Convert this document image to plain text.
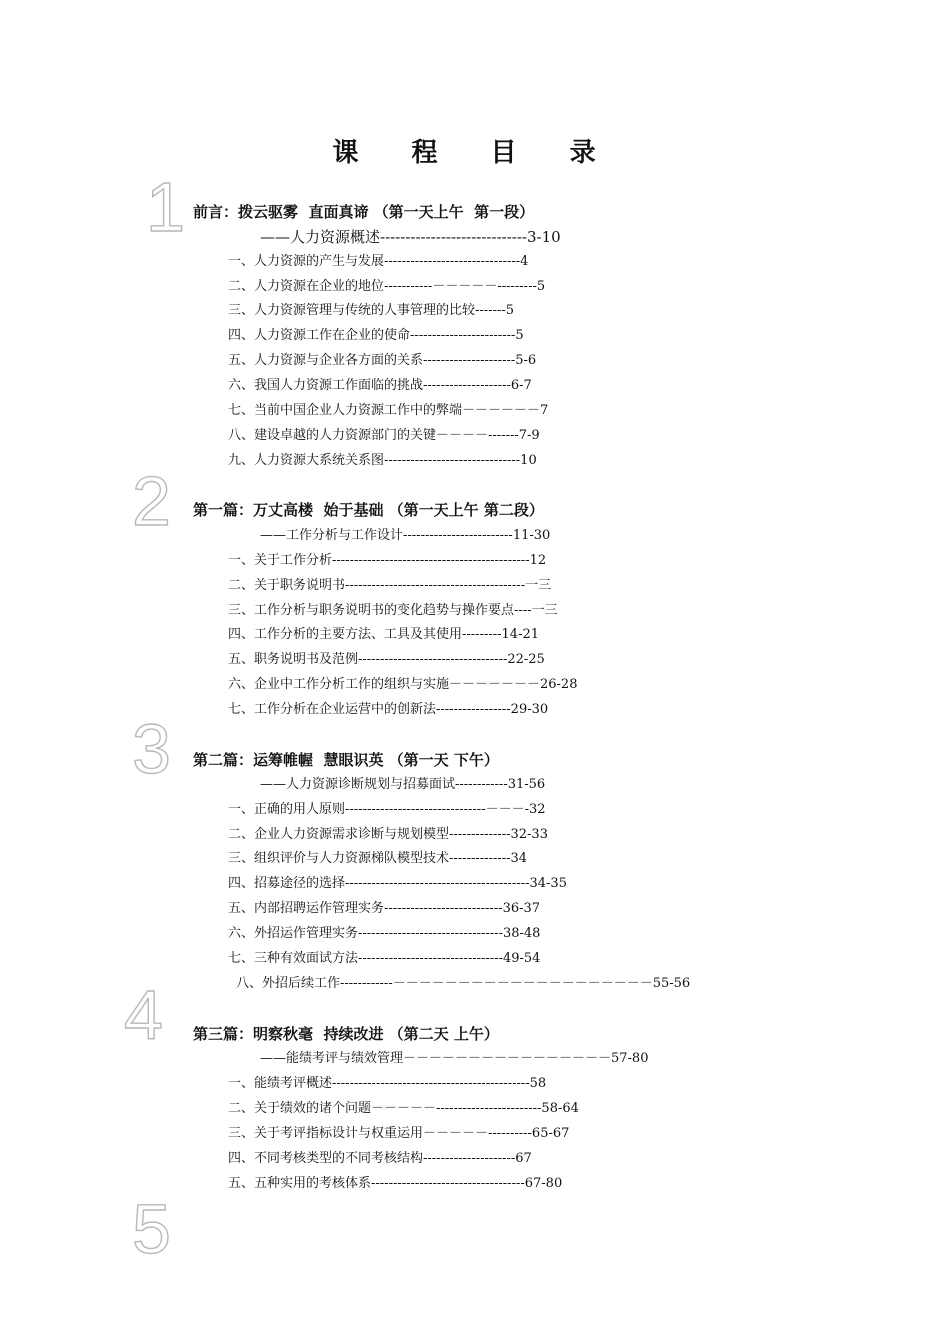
课 程 目 录
1 前言：拨云驱雾  直面真谛 （第一天上午  第一段）
——人力资源概述-----------------------------3-10
一、人力资源的产生与发展-------------------------------4
二、人力资源在企业的地位-----------－－－－－---------5
三、人力资源管理与传统的人事管理的比较-------5
四、人力资源工作在企业的使命------------------------5
五、人力资源与企业各方面的关系---------------------5-6
六、我国人力资源工作面临的挑战--------------------6-7
七、当前中国企业人力资源工作中的弊端－－－－－－7
八、建设卓越的人力资源部门的关键－－－－-------7-9
九、人力资源大系统关系图-------------------------------10
2 第一篇：万丈高楼  始于基础 （第一天上午 第二段）
——工作分析与工作设计-------------------------11-30
一、关于工作分析---------------------------------------------12
二、关于职务说明书-----------------------------------------一三
三、工作分析与职务说明书的变化趋势与操作要点----一三
四、工作分析的主要方法、工具及其使用---------14-21
五、职务说明书及范例----------------------------------22-25
六、企业中工作分析工作的组织与实施－－－－－－－26-28
七、工作分析在企业运营中的创新法-----------------29-30
3 第二篇：运筹帷幄  慧眼识英 （第一天 下午）
——人力资源诊断规划与招募面试------------31-56
一、正确的用人原则--------------------------------－－－-32
二、企业人力资源需求诊断与规划模型--------------32-33
三、组织评价与人力资源梯队模型技术--------------34
四、招募途径的选择------------------------------------------34-35
五、内部招聘运作管理实务---------------------------36-37
六、外招运作管理实务---------------------------------38-48
七、三种有效面试方法---------------------------------49-54
八、外招后续工作------------－－－－－－－－－－－－－－－－－－－－55-56
4 第三篇：明察秋毫  持续改进 （第二天 上午）
——能绩考评与绩效管理－－－－－－－－－－－－－－－－57-80
一、能绩考评概述---------------------------------------------58
二、关于绩效的诸个问题－－－－－------------------------58-64
三、关于考评指标设计与权重运用－－－－－----------65-67
四、不同考核类型的不同考核结构---------------------67
五、五种实用的考核体系-----------------------------------67-80
5
